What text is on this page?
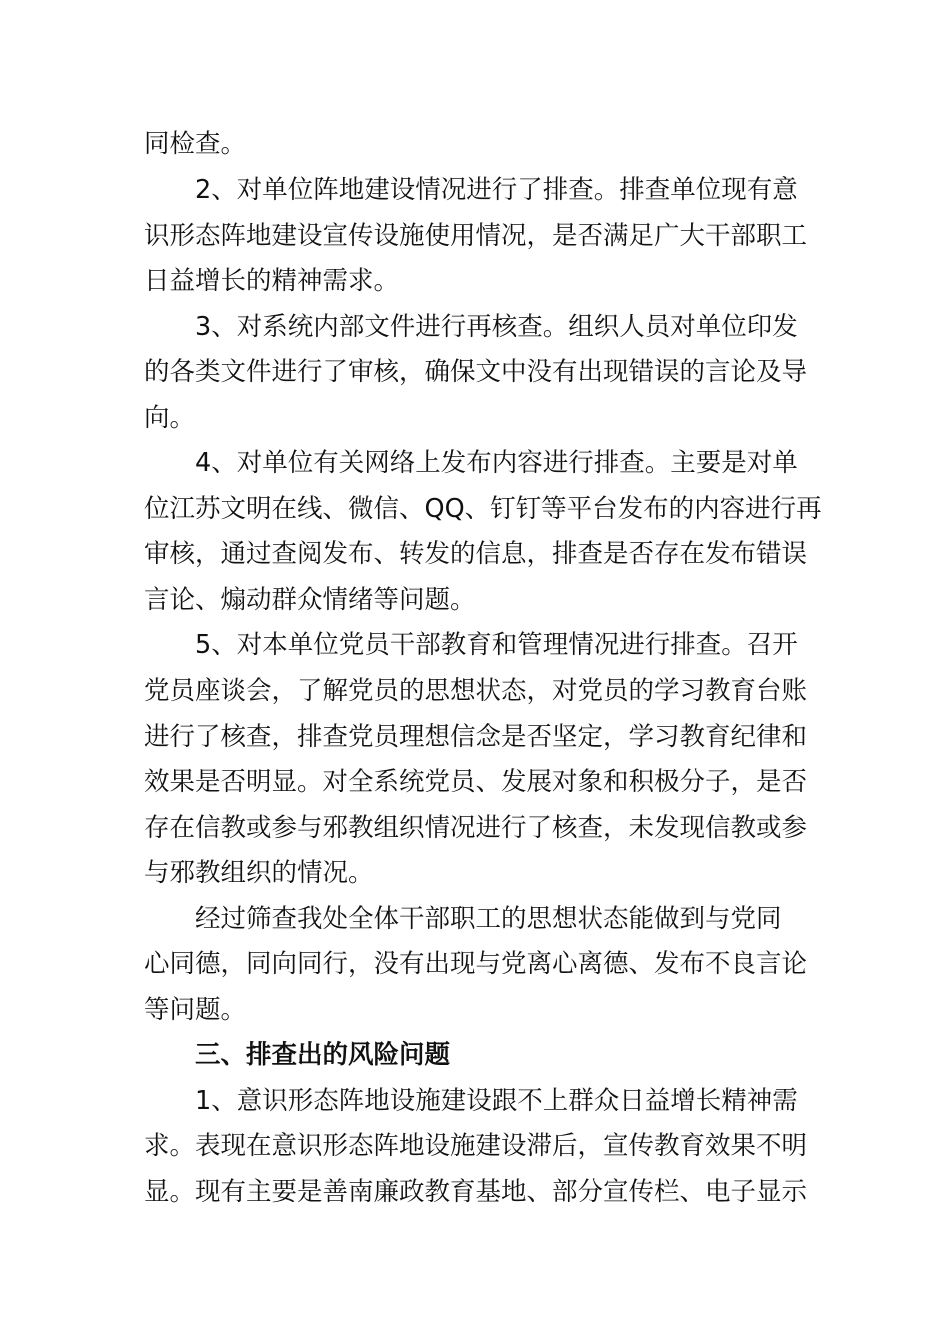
同检查。
2、对单位阵地建设情况进行了排查。排查单位现有意
识形态阵地建设宣传设施使用情况，是否满足广大干部职工
日益增长的精神需求。
3、对系统内部文件进行再核查。组织人员对单位印发
的各类文件进行了审核，确保文中没有出现错误的言论及导
向。
4、对单位有关网络上发布内容进行排查。主要是对单
位江苏文明在线、微信、QQ、钉钉等平台发布的内容进行再
审核，通过查阅发布、转发的信息，排查是否存在发布错误
言论、煽动群众情绪等问题。
5、对本单位党员干部教育和管理情况进行排查。召开
党员座谈会，了解党员的思想状态，对党员的学习教育台账
进行了核查，排查党员理想信念是否坚定，学习教育纪律和
效果是否明显。对全系统党员、发展对象和积极分子，是否
存在信教或参与邪教组织情况进行了核查，未发现信教或参
与邪教组织的情况。
经过筛查我处全体干部职工的思想状态能做到与党同
心同德，同向同行，没有出现与党离心离德、发布不良言论
等问题。
三、排查出的风险问题
1、意识形态阵地设施建设跟不上群众日益增长精神需
求。表现在意识形态阵地设施建设滞后，宣传教育效果不明
显。现有主要是善南廉政教育基地、部分宣传栏、电子显示
